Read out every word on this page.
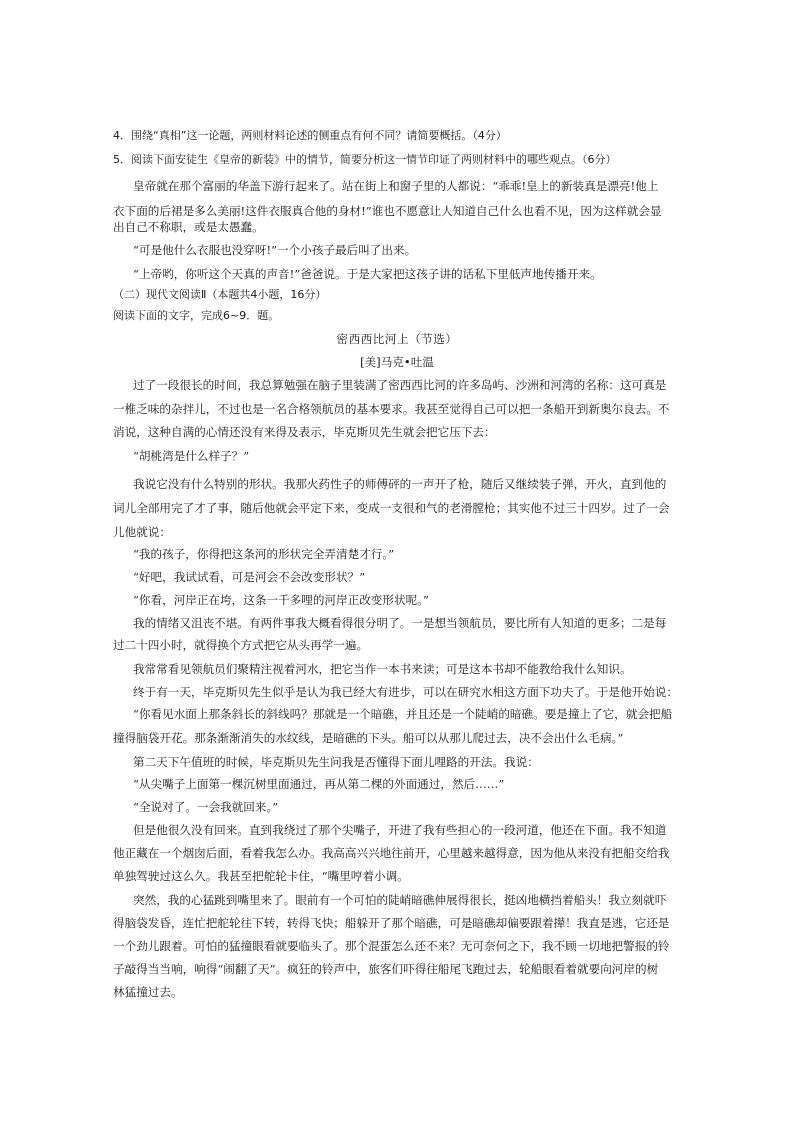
4．围绕“真相”这一论题，两则材料论述的侧重点有何不同？请简要概括。（4分）
5．阅读下面安徒生《皇帝的新装》中的情节，简要分析这一情节印证了两则材料中的哪些观点。（6分）
皇帝就在那个富丽的华盖下游行起来了。站在街上和窗子里的人都说：“乖乖!皇上的新装真是漂亮!他上
衣下面的后裙是多么美丽!这件衣服真合他的身材!”谁也不愿意让人知道自己什么也看不见，因为这样就会显
出自己不称职，或是太愚蠢。
“可是他什么衣服也没穿呀!”一个小孩子最后叫了出来。
“上帝哟，你听这个天真的声音!”爸爸说。于是大家把这孩子讲的话私下里低声地传播开来。
（二）现代文阅读Ⅱ（本题共4小题，16分）
阅读下面的文字，完成6~9．题。
密西西比河上（节选）
[美]马克•吐温
过了一段很长的时间，我总算勉强在脑子里装满了密西西比河的许多岛屿、沙洲和河湾的名称：这可真是
一椎乏味的杂拌儿，不过也是一名合格领航员的基本要求。我甚至觉得自己可以把一条船开到新奥尔良去。不
消说，这种自满的心情还没有来得及表示，毕克斯贝先生就会把它压下去：
“胡桃湾是什么样子？”
我说它没有什么特别的形状。我那火药性子的师傅砰的一声开了枪，随后又继续装子弹，开火，直到他的
词儿全部用完了才了事，随后他就会平定下来，变成一支很和气的老滑膛枪；其实他不过三十四岁。过了一会
儿他就说：
“我的孩子，你得把这条河的形状完全弄清楚才行。”
“好吧，我试试看，可是河会不会改变形状？”
“你看，河岸正在垮，这条一千多哩的河岸正改变形状呢。”
我的情绪又沮丧不堪。有两件事我大概看得很分明了。一是想当领航员，要比所有人知道的更多；二是每
过二十四小时，就得换个方式把它从头再学一遍。
我常常看见领航员们聚精注视着河水，把它当作一本书来读；可是这本书却不能教给我什么知识。
终于有一天，毕克斯贝先生似乎是认为我已经大有进步，可以在研究水相这方面下功夫了。于是他开始说：
“你看见水面上那条斜长的斜线吗？那就是一个暗礁，并且还是一个陡峭的暗礁。要是撞上了它，就会把船
撞得脑袋开花。那条渐渐消失的水纹线，是暗礁的下头。船可以从那儿爬过去，决不会出什么毛病。”
第二天下午值班的时候，毕克斯贝先生问我是否懂得下面儿哩路的开法。我说：
“从尖嘴子上面第一棵沉树里面通过，再从第二棵的外面通过，然后……”
“全说对了。一会我就回来。”
但是他很久没有回来。直到我绕过了那个尖嘴子，开进了我有些担心的一段河道，他还在下面。我不知道
他正藏在一个烟囱后面，看着我怎么办。我高高兴兴地往前开，心里越来越得意，因为他从来没有把船交给我
单独驾驶过这么久。我甚至把舵轮卡住，“嘴里哼着小调。
突然，我的心猛跳到嘴里来了。眼前有一个可怕的陡峭暗礁伸展得很长，挺凶地横挡着船头！我立刻就吓
得脑袋发昏，连忙把舵轮往下转，转得飞快；船躲开了那个暗礁，可是暗礁却偏要跟着撵！我直是逃，它还是
一个劲儿跟着。可怕的猛撞眼看就要临头了。那个混蛋怎么还不来？无可奈何之下，我不顾一切地把警报的铃
子敲得当当响，响得“闹翻了天”。疯狂的铃声中，旅客们吓得往船尾飞跑过去，轮船眼看着就要向河岸的树
林猛撞过去。
